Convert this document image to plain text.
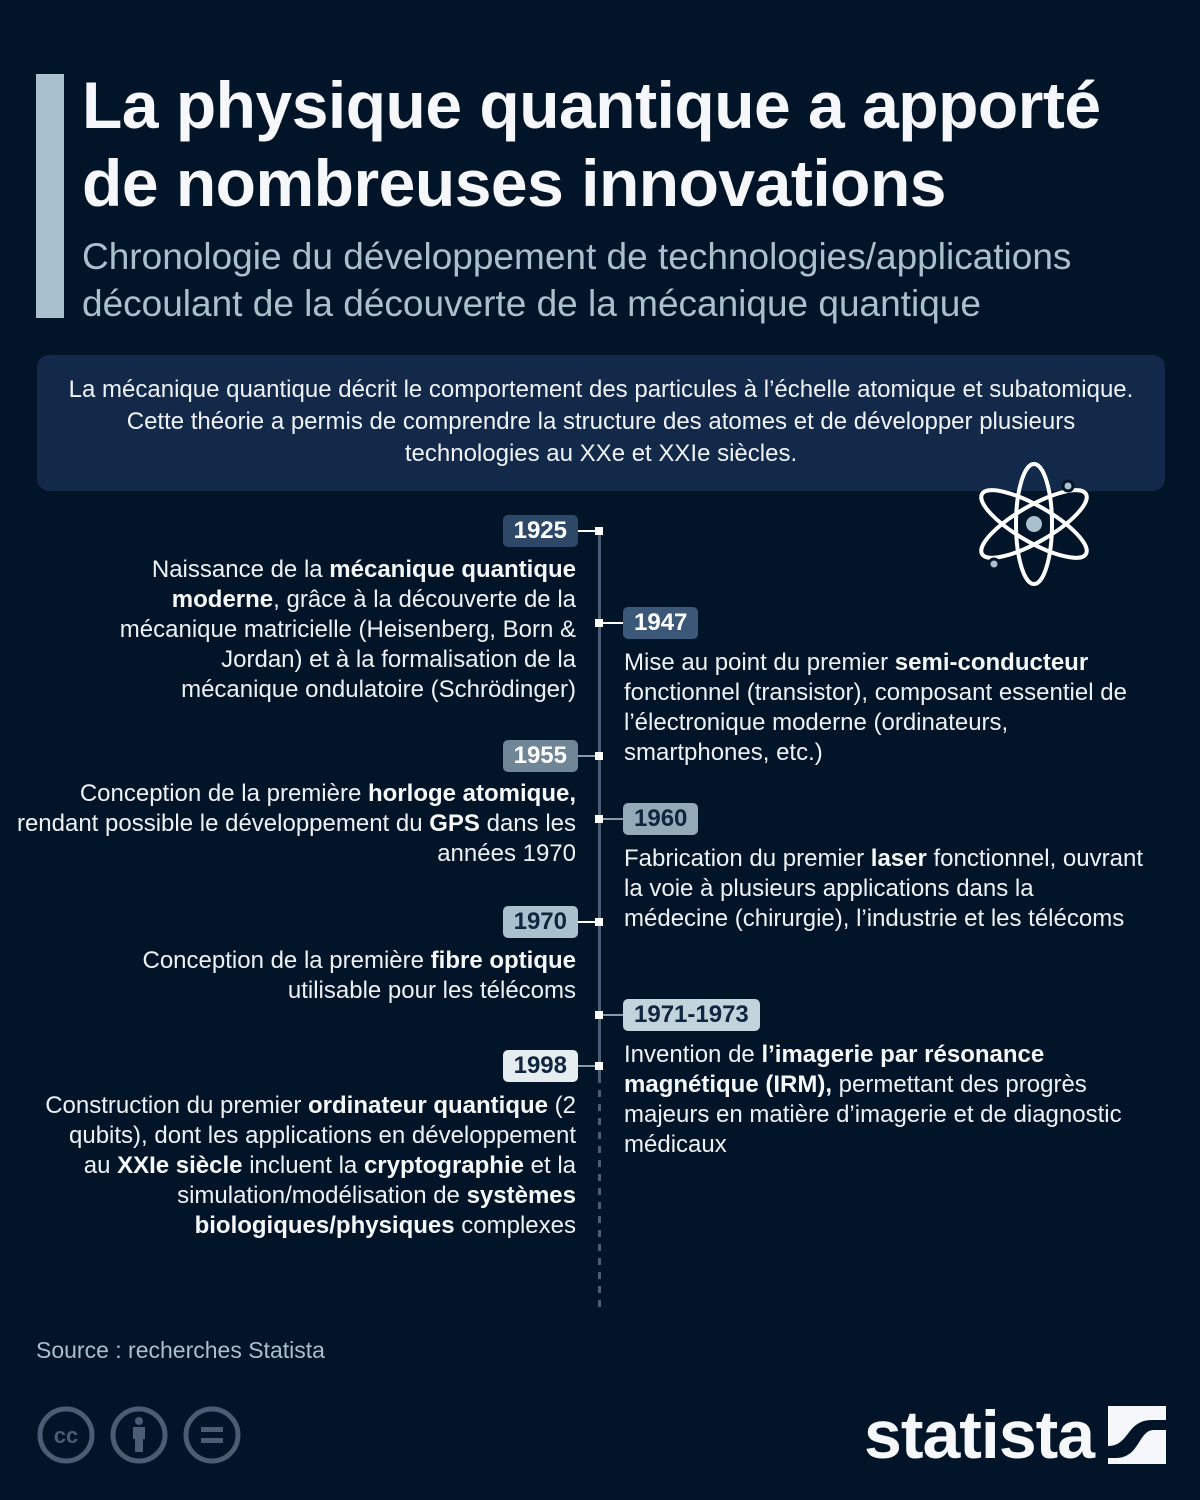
La physique quantique a apporté de nombreuses innovations
Chronologie du développement de technologies/applications découlant de la découverte de la mécanique quantique

La mécanique quantique décrit le comportement des particules à l’échelle atomique et subatomique. Cette théorie a permis de comprendre la structure des atomes et de développer plusieurs technologies au XXe et XXIe siècles.

1925
Naissance de la mécanique quantique moderne, grâce à la découverte de la mécanique matricielle (Heisenberg, Born & Jordan) et à la formalisation de la mécanique ondulatoire (Schrödinger)
1947
Mise au point du premier semi-conducteur fonctionnel (transistor), composant essentiel de l’électronique moderne (ordinateurs, smartphones, etc.)
1955
Conception de la première horloge atomique, rendant possible le développement du GPS dans les années 1970
1960
Fabrication du premier laser fonctionnel, ouvrant la voie à plusieurs applications dans la médecine (chirurgie), l’industrie et les télécoms
1970
Conception de la première fibre optique utilisable pour les télécoms
1971-1973
Invention de l’imagerie par résonance magnétique (IRM), permettant des progrès majeurs en matière d’imagerie et de diagnostic médicaux
1998
Construction du premier ordinateur quantique (2 qubits), dont les applications en développement au XXIe siècle incluent la cryptographie et la simulation/modélisation de systèmes biologiques/physiques complexes
Source : recherches Statista
cc	statista
